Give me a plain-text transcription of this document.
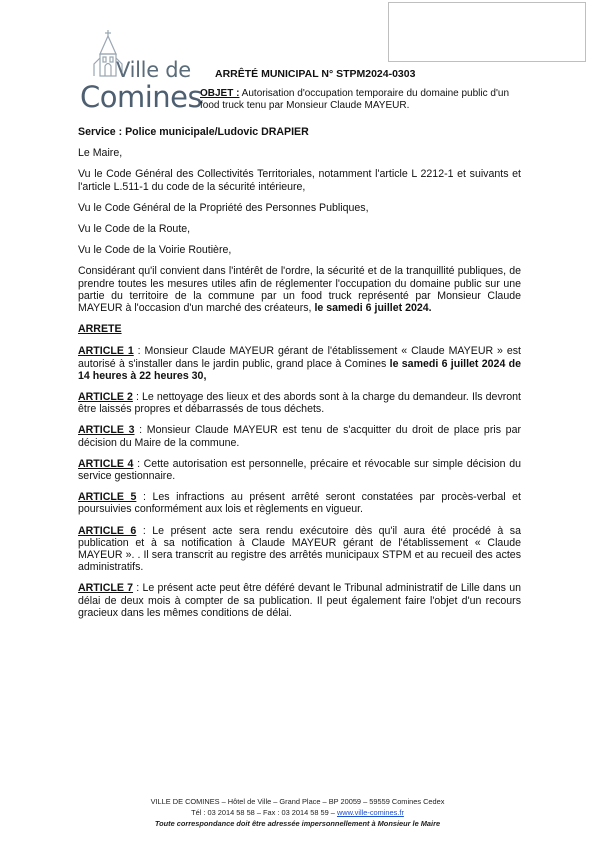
Ville de
Comines
ARRÊTÉ MUNICIPAL N° STPM2024-0303
OBJET : Autorisation d'occupation temporaire du domaine public d'un food truck tenu par Monsieur Claude MAYEUR.

Service : Police municipale/Ludovic DRAPIER

Le Maire,

Vu le Code Général des Collectivités Territoriales, notamment l'article L 2212-1 et suivants et l'article L.511-1 du code de la sécurité intérieure,

Vu le Code Général de la Propriété des Personnes Publiques,

Vu le Code de la Route,

Vu le Code de la Voirie Routière,

Considérant qu'il convient dans l'intérêt de l'ordre, la sécurité et de la tranquillité publiques, de prendre toutes les mesures utiles afin de réglementer l'occupation du domaine public sur une partie du territoire de la commune par un food truck représenté par Monsieur Claude MAYEUR à l'occasion d'un marché des créateurs, le samedi 6 juillet 2024.

ARRETE

ARTICLE 1 : Monsieur Claude MAYEUR gérant de l'établissement « Claude MAYEUR » est autorisé à s'installer dans le jardin public, grand place à Comines le samedi 6 juillet 2024 de 14 heures à 22 heures 30,

ARTICLE 2 : Le nettoyage des lieux et des abords sont à la charge du demandeur. Ils devront être laissés propres et débarrassés de tous déchets.

ARTICLE 3 : Monsieur Claude MAYEUR est tenu de s'acquitter du droit de place pris par décision du Maire de la commune.

ARTICLE 4 : Cette autorisation est personnelle, précaire et révocable sur simple décision du service gestionnaire.

ARTICLE 5 : Les infractions au présent arrêté seront constatées par procès-verbal et poursuivies conformément aux lois et règlements en vigueur.

ARTICLE 6 : Le présent acte sera rendu exécutoire dès qu'il aura été procédé à sa publication et à sa notification à Claude MAYEUR gérant de l'établissement « Claude MAYEUR ». . Il sera transcrit au registre des arrêtés municipaux STPM et au recueil des actes administratifs.

ARTICLE 7 : Le présent acte peut être déféré devant le Tribunal administratif de Lille dans un délai de deux mois à compter de sa publication. Il peut également faire l'objet d'un recours gracieux dans les mêmes conditions de délai.

VILLE DE COMINES – Hôtel de Ville – Grand Place – BP 20059 – 59559 Comines Cedex
Tél : 03 2014 58 58 – Fax : 03 2014 58 59 – www.ville-comines.fr
Toute correspondance doit être adressée impersonnellement à Monsieur le Maire
